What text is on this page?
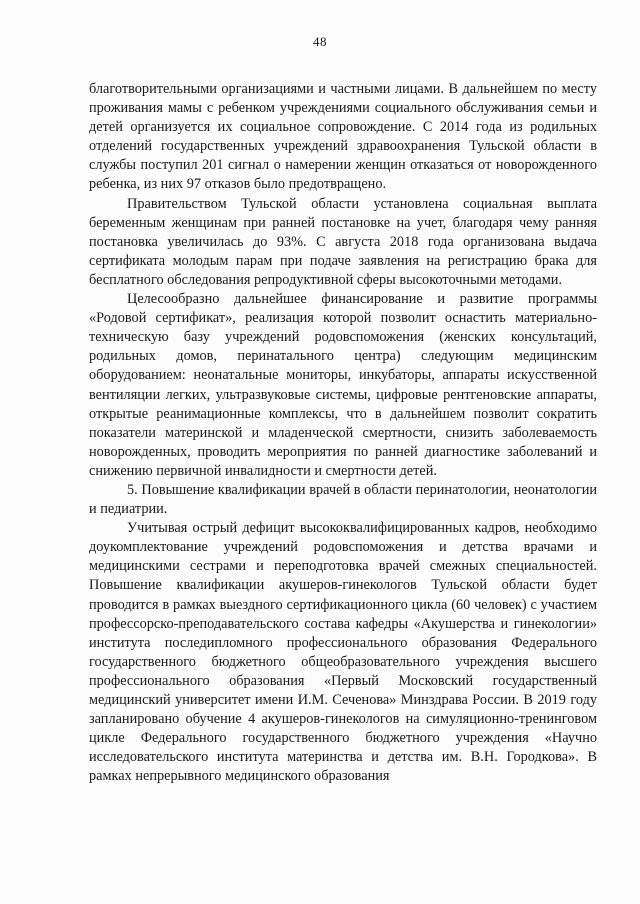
48

благотворительными организациями и частными лицами. В дальнейшем по месту проживания мамы с ребенком учреждениями социального обслуживания семьи и детей организуется их социальное сопровождение. С 2014 года из родильных отделений государственных учреждений здравоохранения Тульской области в службы поступил 201 сигнал о намерении женщин отказаться от новорожденного ребенка, из них 97 отказов было предотвращено.

Правительством Тульской области установлена социальная выплата беременным женщинам при ранней постановке на учет, благодаря чему ранняя постановка увеличилась до 93%. С августа 2018 года организована выдача сертификата молодым парам при подаче заявления на регистрацию брака для бесплатного обследования репродуктивной сферы высокоточными методами.

Целесообразно дальнейшее финансирование и развитие программы «Родовой сертификат», реализация которой позволит оснастить материально-техническую базу учреждений родовспоможения (женских консультаций, родильных домов, перинатального центра) следующим медицинским оборудованием: неонатальные мониторы, инкубаторы, аппараты искусственной вентиляции легких, ультразвуковые системы, цифровые рентгеновские аппараты, открытые реанимационные комплексы, что в дальнейшем позволит сократить показатели материнской и младенческой смертности, снизить заболеваемость новорожденных, проводить мероприятия по ранней диагностике заболеваний и снижению первичной инвалидности и смертности детей.

5. Повышение квалификации врачей в области перинатологии, неонатологии и педиатрии.

Учитывая острый дефицит высококвалифицированных кадров, необходимо доукомплектование учреждений родовспоможения и детства врачами и медицинскими сестрами и переподготовка врачей смежных специальностей. Повышение квалификации акушеров-гинекологов Тульской области будет проводится в рамках выездного сертификационного цикла (60 человек) с участием профессорско-преподавательского состава кафедры «Акушерства и гинекологии» института последипломного профессионального образования Федерального государственного бюджетного общеобразовательного учреждения высшего профессионального образования «Первый Московский государственный медицинский университет имени И.М. Сеченова» Минздрава России. В 2019 году запланировано обучение 4 акушеров-гинекологов на симуляционно-тренинговом цикле Федерального государственного бюджетного учреждения «Научно исследовательского института материнства и детства им. В.Н. Городкова». В рамках непрерывного медицинского образования
